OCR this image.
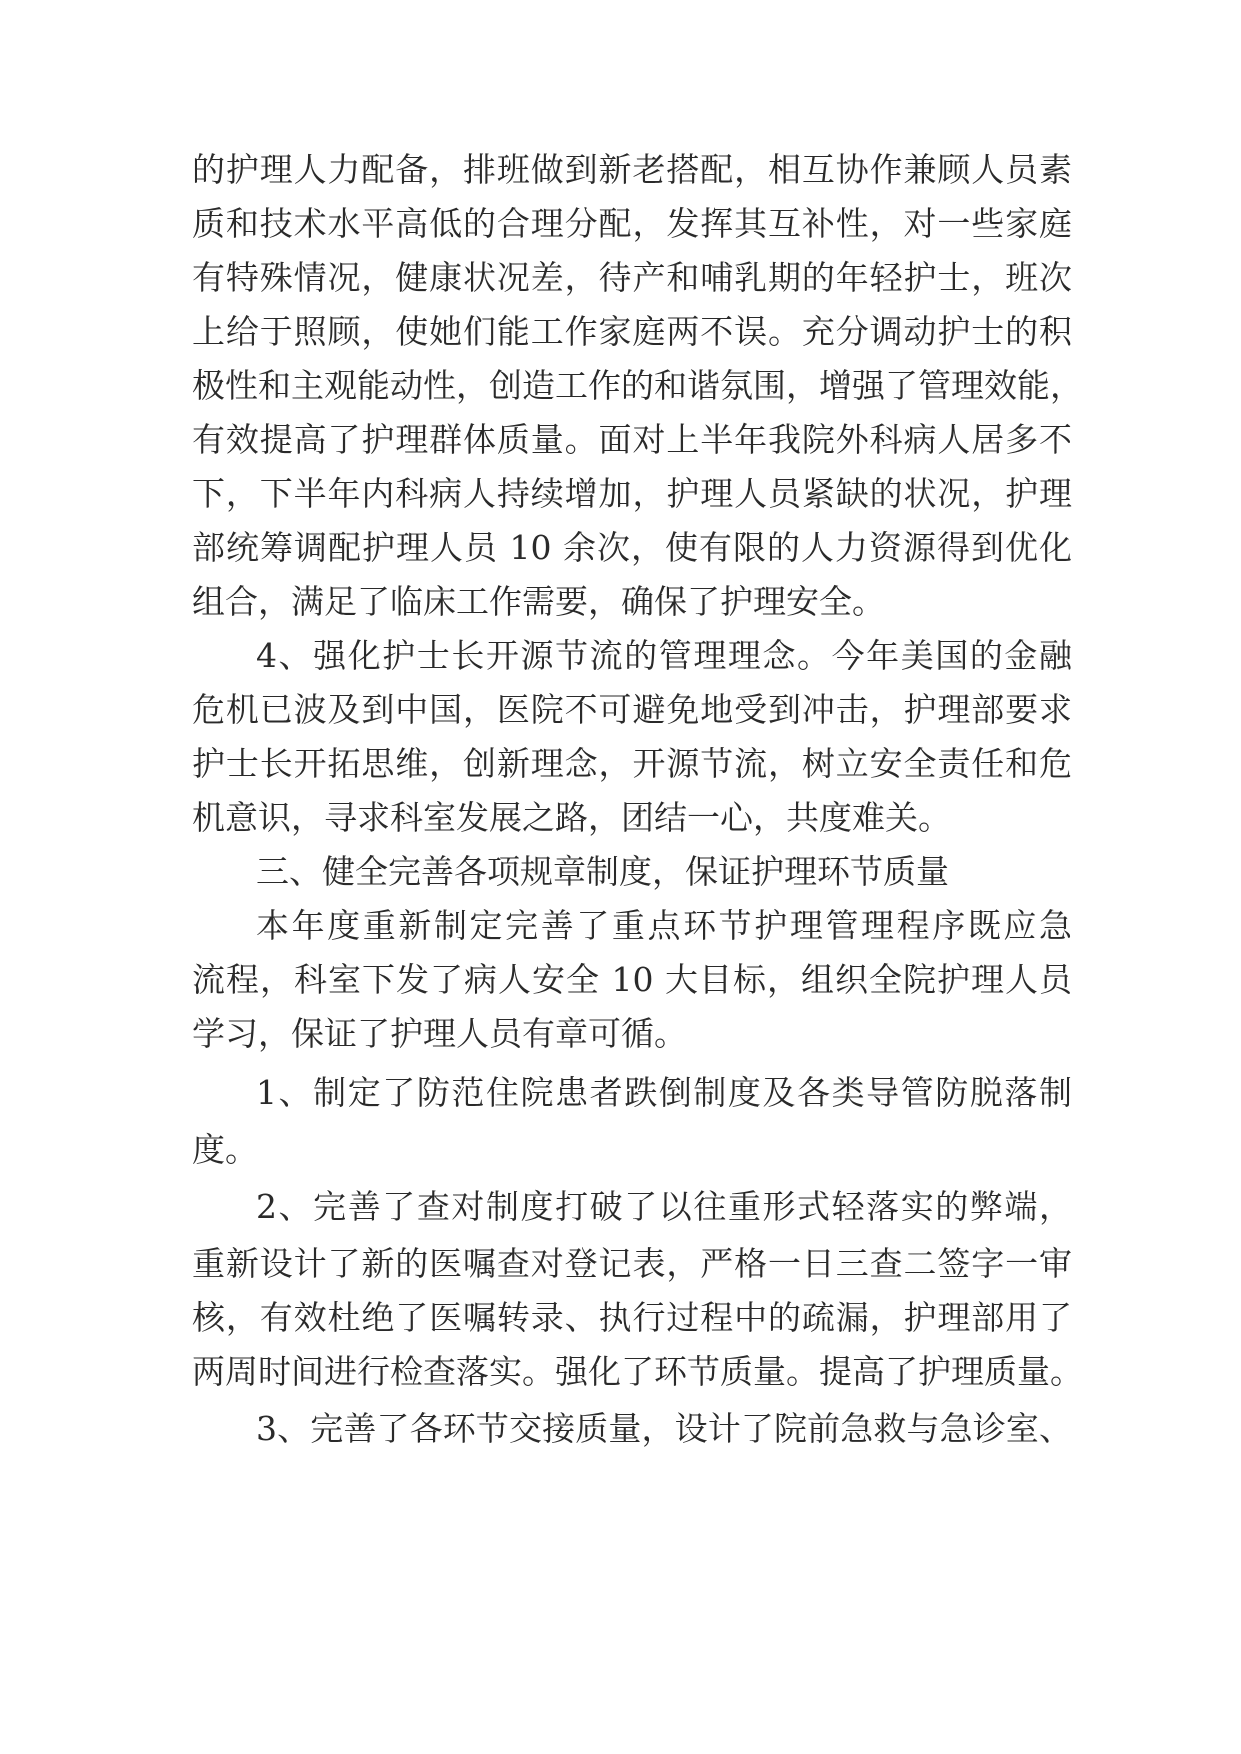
的护理人力配备，排班做到新老搭配，相互协作兼顾人员素
质和技术水平高低的合理分配，发挥其互补性，对一些家庭
有特殊情况，健康状况差，待产和哺乳期的年轻护士，班次
上给于照顾，使她们能工作家庭两不误。充分调动护士的积
极性和主观能动性，创造工作的和谐氛围，增强了管理效能，
有效提高了护理群体质量。面对上半年我院外科病人居多不
下，下半年内科病人持续增加，护理人员紧缺的状况，护理
部统筹调配护理人员 10 余次，使有限的人力资源得到优化
组合，满足了临床工作需要，确保了护理安全。
4、强化护士长开源节流的管理理念。今年美国的金融
危机已波及到中国，医院不可避免地受到冲击，护理部要求
护士长开拓思维，创新理念，开源节流，树立安全责任和危
机意识，寻求科室发展之路，团结一心，共度难关。
三、健全完善各项规章制度，保证护理环节质量
本年度重新制定完善了重点环节护理管理程序既应急
流程，科室下发了病人安全 10 大目标，组织全院护理人员
学习，保证了护理人员有章可循。
1、制定了防范住院患者跌倒制度及各类导管防脱落制
度。
2、完善了查对制度打破了以往重形式轻落实的弊端，
重新设计了新的医嘱查对登记表，严格一日三查二签字一审
核，有效杜绝了医嘱转录、执行过程中的疏漏，护理部用了
两周时间进行检查落实。强化了环节质量。提高了护理质量。
3、完善了各环节交接质量，设计了院前急救与急诊室、
